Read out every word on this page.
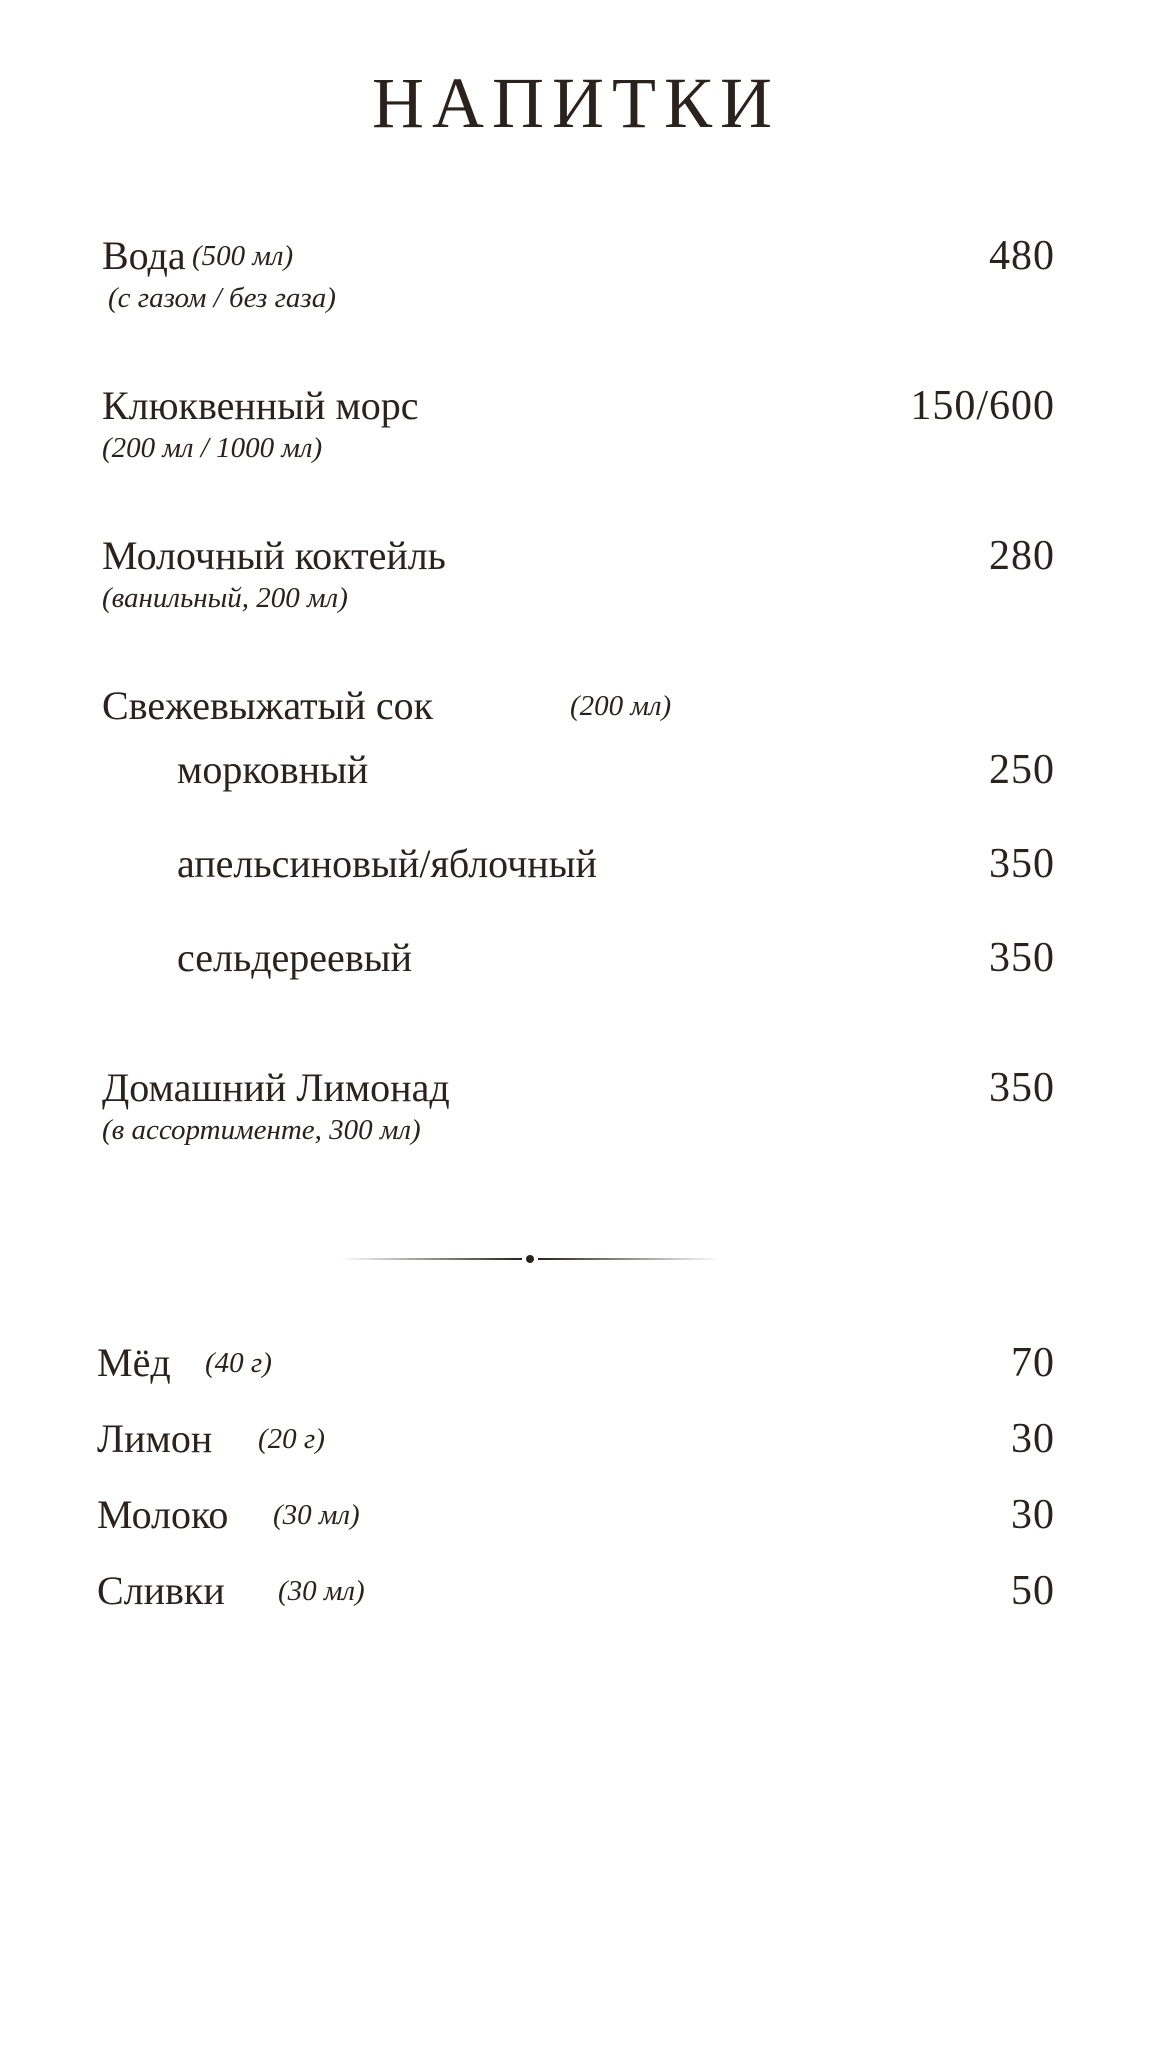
НАПИТКИ
Вода (500 мл)	480
(с газом / без газа)
Клюквенный морс	150/600
(200 мл / 1000 мл)
Молочный коктейль	280
(ванильный, 200 мл)
Свежевыжатый сок	(200 мл)
морковный	250
апельсиновый/яблочный	350
сельдереевый	350
Домашний Лимонад	350
(в ассортименте, 300 мл)
Мёд (40 г)	70
Лимон (20 г)	30
Молоко (30 мл)	30
Сливки (30 мл)	50
